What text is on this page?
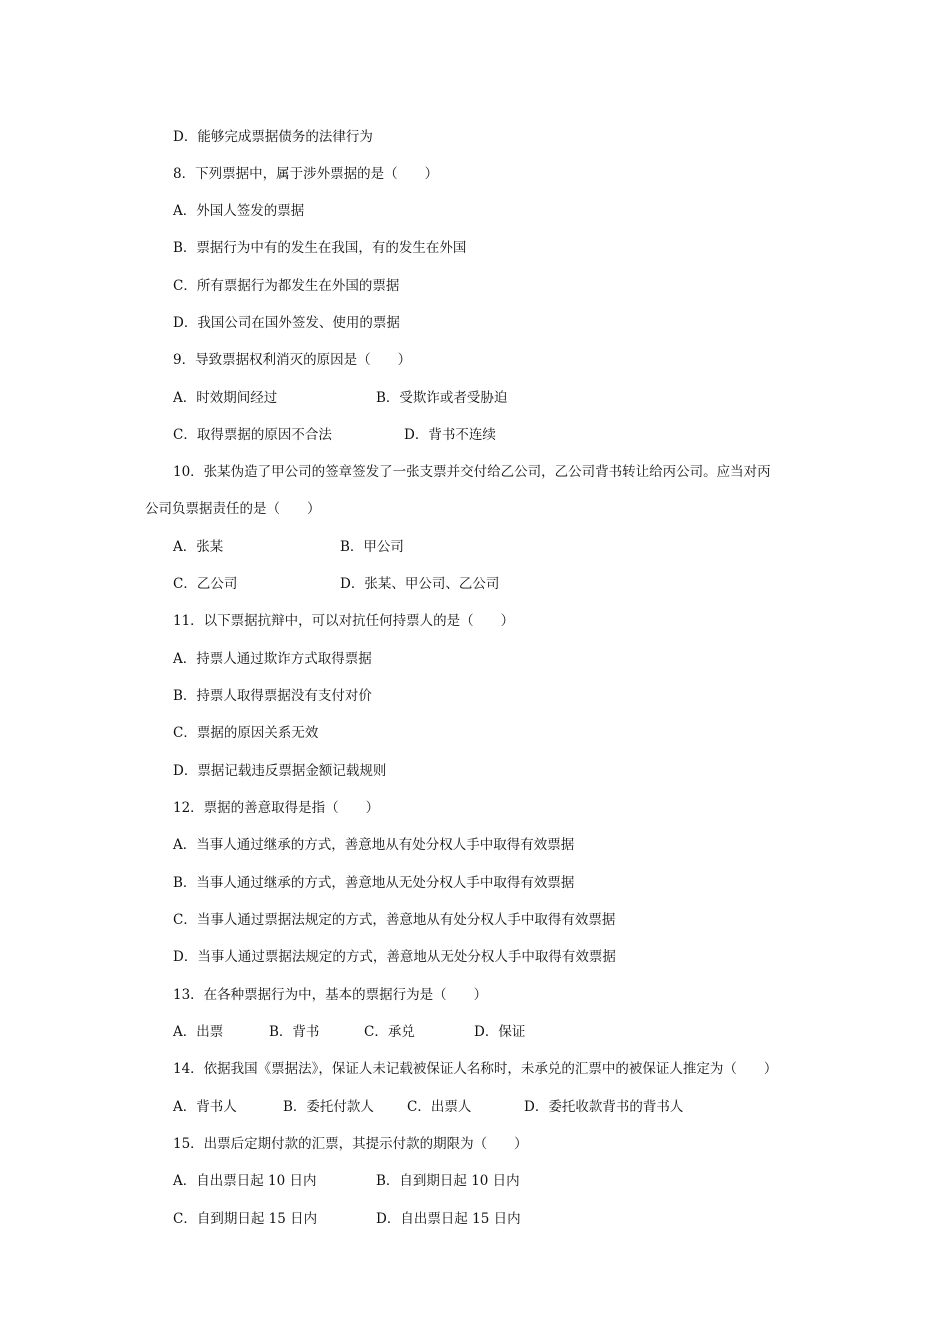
D．能够完成票据债务的法律行为
8．下列票据中，属于涉外票据的是（　　）
A．外国人签发的票据
B．票据行为中有的发生在我国，有的发生在外国
C．所有票据行为都发生在外国的票据
D．我国公司在国外签发、使用的票据
9．导致票据权利消灭的原因是（　　）
A．时效期间经过	B．受欺诈或者受胁迫
C．取得票据的原因不合法	D．背书不连续
10．张某伪造了甲公司的签章签发了一张支票并交付给乙公司，乙公司背书转让给丙公司。应当对丙
公司负票据责任的是（　　）
A．张某	B．甲公司
C．乙公司	D．张某、甲公司、乙公司
11．以下票据抗辩中，可以对抗任何持票人的是（　　）
A．持票人通过欺诈方式取得票据
B．持票人取得票据没有支付对价
C．票据的原因关系无效
D．票据记载违反票据金额记载规则
12．票据的善意取得是指（　　）
A．当事人通过继承的方式，善意地从有处分权人手中取得有效票据
B．当事人通过继承的方式，善意地从无处分权人手中取得有效票据
C．当事人通过票据法规定的方式，善意地从有处分权人手中取得有效票据
D．当事人通过票据法规定的方式，善意地从无处分权人手中取得有效票据
13．在各种票据行为中，基本的票据行为是（　　）
A．出票	B．背书	C．承兑	D．保证
14．依据我国《票据法》，保证人未记载被保证人名称时，未承兑的汇票中的被保证人推定为（　　）
A．背书人	B．委托付款人 C．出票人	D．委托收款背书的背书人
15．出票后定期付款的汇票，其提示付款的期限为（　　）
A．自出票日起 10 日内	B．自到期日起 10 日内
C．自到期日起 15 日内	D．自出票日起 15 日内
